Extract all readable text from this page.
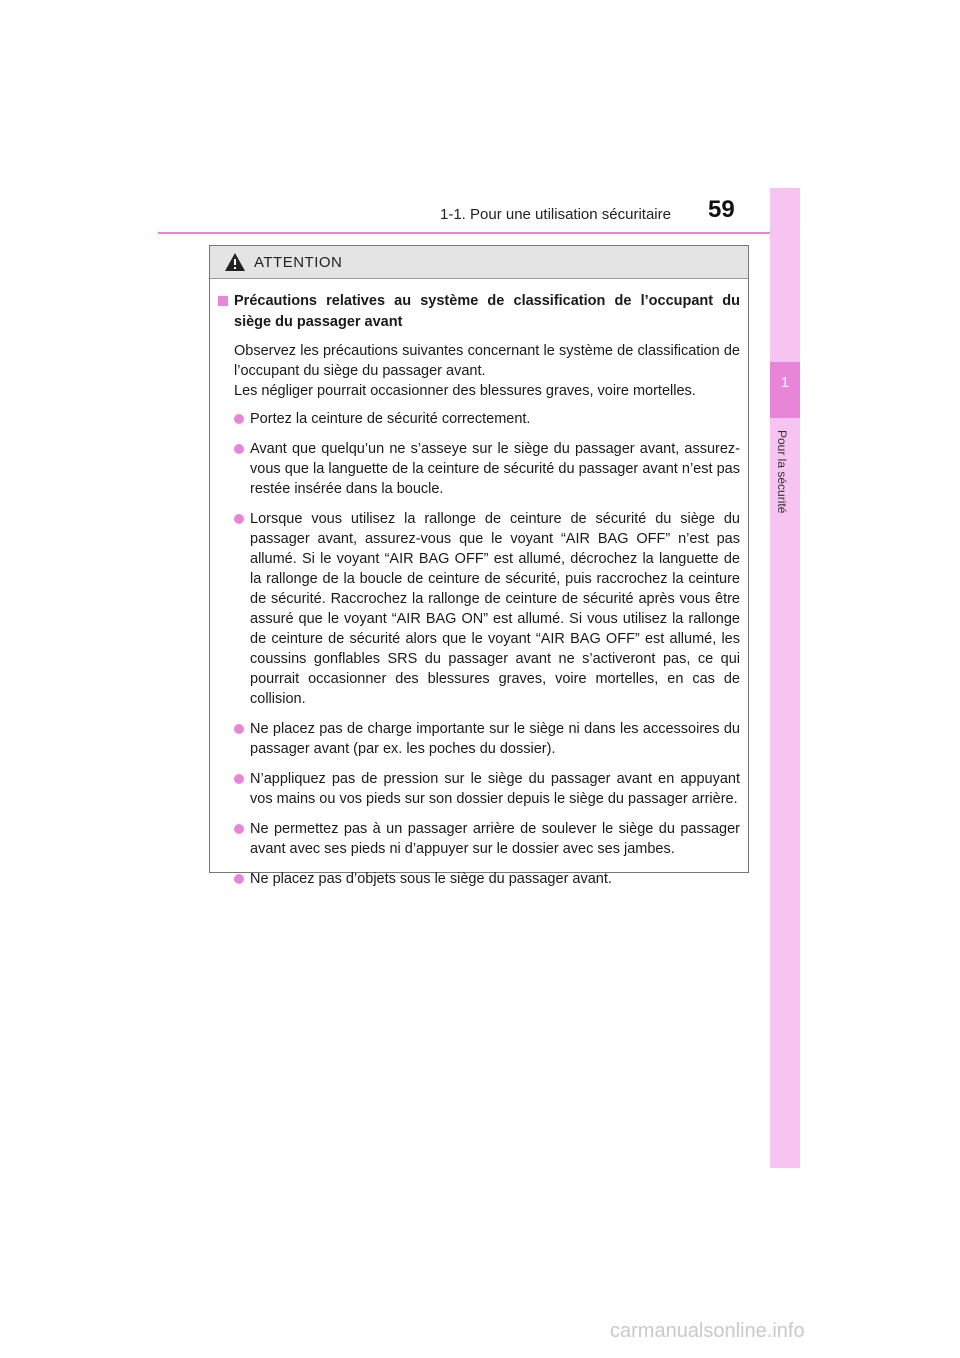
1-1. Pour une utilisation sécuritaire 59
1
Pour la sécurité
ATTENTION
Précautions relatives au système de classification de l’occupant du siège du passager avant
Observez les précautions suivantes concernant le système de classification de l’occupant du siège du passager avant.
Les négliger pourrait occasionner des blessures graves, voire mortelles.
Portez la ceinture de sécurité correctement.
Avant que quelqu’un ne s’asseye sur le siège du passager avant, assurez-vous que la languette de la ceinture de sécurité du passager avant n’est pas restée insérée dans la boucle.
Lorsque vous utilisez la rallonge de ceinture de sécurité du siège du passager avant, assurez-vous que le voyant “AIR BAG OFF” n’est pas allumé. Si le voyant “AIR BAG OFF” est allumé, décrochez la languette de la rallonge de la boucle de ceinture de sécurité, puis raccrochez la ceinture de sécurité. Raccrochez la rallonge de ceinture de sécurité après vous être assuré que le voyant “AIR BAG ON” est allumé. Si vous utilisez la rallonge de ceinture de sécurité alors que le voyant “AIR BAG OFF” est allumé, les coussins gonflables SRS du passager avant ne s’activeront pas, ce qui pourrait occasionner des blessures graves, voire mortelles, en cas de collision.
Ne placez pas de charge importante sur le siège ni dans les accessoires du passager avant (par ex. les poches du dossier).
N’appliquez pas de pression sur le siège du passager avant en appuyant vos mains ou vos pieds sur son dossier depuis le siège du passager arrière.
Ne permettez pas à un passager arrière de soulever le siège du passager avant avec ses pieds ni d’appuyer sur le dossier avec ses jambes.
Ne placez pas d’objets sous le siège du passager avant.
carmanualsonline.info
